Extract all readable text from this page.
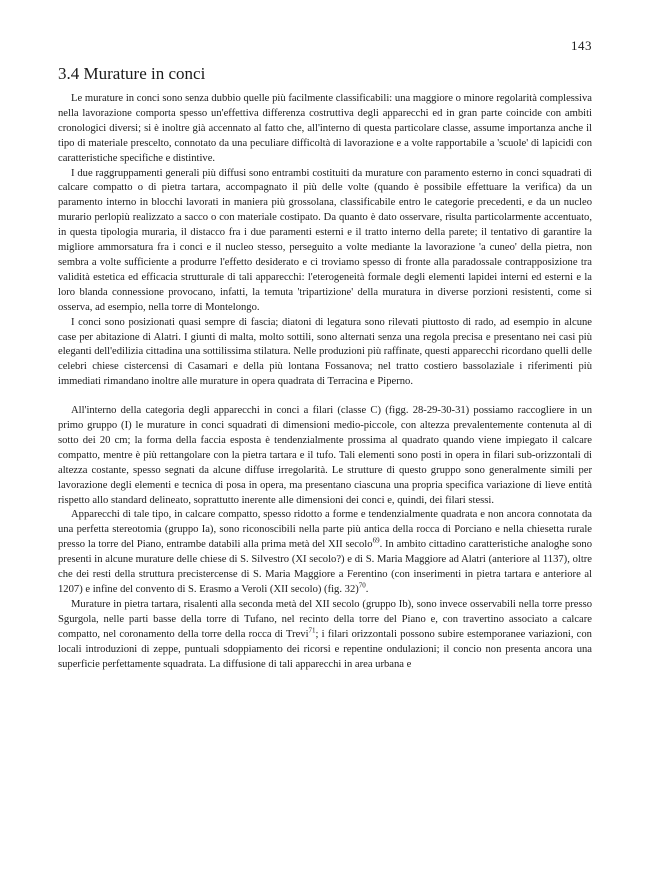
143
3.4 Murature in conci

Le murature in conci sono senza dubbio quelle più facilmente classificabili: una maggiore o minore regolarità complessiva nella lavorazione comporta spesso un'effettiva differenza costruttiva degli apparecchi ed in gran parte coincide con ambiti cronologici diversi; si è inoltre già accennato al fatto che, all'interno di questa particolare classe, assume importanza anche il tipo di materiale prescelto, connotato da una peculiare difficoltà di lavorazione e a volte rapportabile a 'scuole' di lapicidi con caratteristiche specifiche e distintive.

I due raggruppamenti generali più diffusi sono entrambi costituiti da murature con paramento esterno in conci squadrati di calcare compatto o di pietra tartara, accompagnato il più delle volte (quando è possibile effettuare la verifica) da un paramento interno in blocchi lavorati in maniera più grossolana, classificabile entro le categorie precedenti, e da un nucleo murario perlopiù realizzato a sacco o con materiale costipato. Da quanto è dato osservare, risulta particolarmente accentuato, in questa tipologia muraria, il distacco fra i due paramenti esterni e il tratto interno della parete; il tentativo di garantire la migliore ammorsatura fra i conci e il nucleo stesso, perseguito a volte mediante la lavorazione 'a cuneo' della pietra, non sembra a volte sufficiente a produrre l'effetto desiderato e ci troviamo spesso di fronte alla paradossale contrapposizione tra validità estetica ed efficacia strutturale di tali apparecchi: l'eterogeneità formale degli elementi lapidei interni ed esterni e la loro blanda connessione provocano, infatti, la temuta 'tripartizione' della muratura in diverse porzioni resistenti, come si osserva, ad esempio, nella torre di Montelongo.

I conci sono posizionati quasi sempre di fascia; diatoni di legatura sono rilevati piuttosto di rado, ad esempio in alcune case per abitazione di Alatri. I giunti di malta, molto sottili, sono alternati senza una regola precisa e presentano nei casi più eleganti dell'edilizia cittadina una sottilissima stilatura. Nelle produzioni più raffinate, questi apparecchi ricordano quelli delle celebri chiese cistercensi di Casamari e della più lontana Fossanova; nel tratto costiero bassolaziale i riferimenti più immediati rimandano inoltre alle murature in opera quadrata di Terracina e Piperno.

All'interno della categoria degli apparecchi in conci a filari (classe C) (figg. 28-29-30-31) possiamo raccogliere in un primo gruppo (I) le murature in conci squadrati di dimensioni medio-piccole, con altezza prevalentemente contenuta al di sotto dei 20 cm; la forma della faccia esposta è tendenzialmente prossima al quadrato quando viene impiegato il calcare compatto, mentre è più rettangolare con la pietra tartara e il tufo. Tali elementi sono posti in opera in filari sub-orizzontali di altezza costante, spesso segnati da alcune diffuse irregolarità. Le strutture di questo gruppo sono generalmente simili per lavorazione degli elementi e tecnica di posa in opera, ma presentano ciascuna una propria specifica variazione di lieve entità rispetto allo standard delineato, soprattutto inerente alle dimensioni dei conci e, quindi, dei filari stessi.

Apparecchi di tale tipo, in calcare compatto, spesso ridotto a forme e tendenzialmente quadrata e non ancora connotata da una perfetta stereotomia (gruppo Ia), sono riconoscibili nella parte più antica della rocca di Porciano e nella chiesetta rurale presso la torre del Piano, entrambe databili alla prima metà del XII secolo$^{69}$. In ambito cittadino caratteristiche analoghe sono presenti in alcune murature delle chiese di S. Silvestro (XI secolo?) e di S. Maria Maggiore ad Alatri (anteriore al 1137), oltre che dei resti della struttura precistercense di S. Maria Maggiore a Ferentino (con inserimenti in pietra tartara e anteriore al 1207) e infine del convento di S. Erasmo a Veroli (XII secolo) (fig. 32)$^{70}$.

Murature in pietra tartara, risalenti alla seconda metà del XII secolo (gruppo Ib), sono invece osservabili nella torre presso Sgurgola, nelle parti basse della torre di Tufano, nel recinto della torre del Piano e, con travertino associato a calcare compatto, nel coronamento della torre della rocca di Trevi$^{71}$; i filari orizzontali possono subire estemporanee variazioni, con locali introduzioni di zeppe, puntuali sdoppiamento dei ricorsi e repentine ondulazioni; il concio non presenta ancora una superficie perfettamente squadrata. La diffusione di tali apparecchi in area urbana e
